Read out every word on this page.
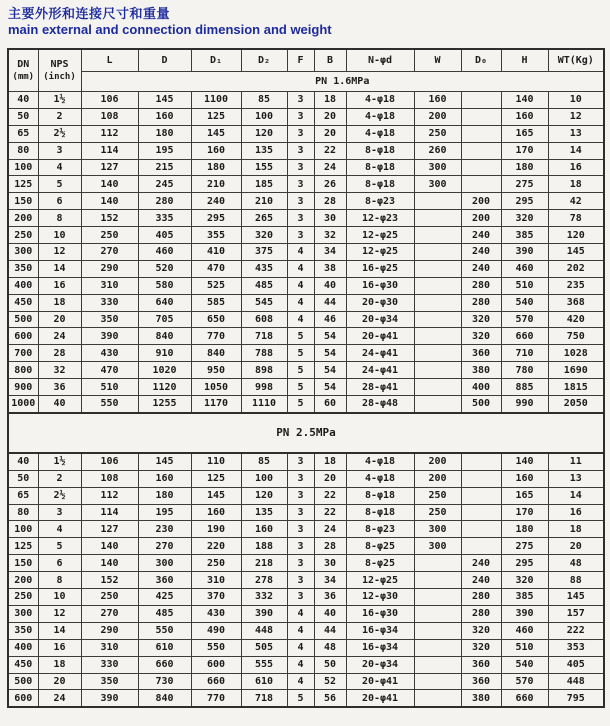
主要外形和连接尺寸和重量
main external and connection dimension and weight
DN
(mm)	NPS
(inch)	L	D	D₁	D₂	F	B	N-φd	W	D₀	H	WT(Kg)
		PN 1.6MPa										
40	1½	106	145	1100	85	3	18	4-φ18	160		140	10
50	2	108	160	125	100	3	20	4-φ18	200		160	12
65	2½	112	180	145	120	3	20	4-φ18	250		165	13
80	3	114	195	160	135	3	22	8-φ18	260		170	14
100	4	127	215	180	155	3	24	8-φ18	300		180	16
125	5	140	245	210	185	3	26	8-φ18	300		275	18
150	6	140	280	240	210	3	28	8-φ23		200	295	42
200	8	152	335	295	265	3	30	12-φ23		200	320	78
250	10	250	405	355	320	3	32	12-φ25		240	385	120
300	12	270	460	410	375	4	34	12-φ25		240	390	145
350	14	290	520	470	435	4	38	16-φ25		240	460	202
400	16	310	580	525	485	4	40	16-φ30		280	510	235
450	18	330	640	585	545	4	44	20-φ30		280	540	368
500	20	350	705	650	608	4	46	20-φ34		320	570	420
600	24	390	840	770	718	5	54	20-φ41		320	660	750
700	28	430	910	840	788	5	54	24-φ41		360	710	1028
800	32	470	1020	950	898	5	54	24-φ41		380	780	1690
900	36	510	1120	1050	998	5	54	28-φ41		400	885	1815
1000	40	550	1255	1170	1110	5	60	28-φ48		500	990	2050
PN 2.5MPa												
40	1½	106	145	110	85	3	18	4-φ18	200		140	11
50	2	108	160	125	100	3	20	4-φ18	200		160	13
65	2½	112	180	145	120	3	22	8-φ18	250		165	14
80	3	114	195	160	135	3	22	8-φ18	250		170	16
100	4	127	230	190	160	3	24	8-φ23	300		180	18
125	5	140	270	220	188	3	28	8-φ25	300		275	20
150	6	140	300	250	218	3	30	8-φ25		240	295	48
200	8	152	360	310	278	3	34	12-φ25		240	320	88
250	10	250	425	370	332	3	36	12-φ30		280	385	145
300	12	270	485	430	390	4	40	16-φ30		280	390	157
350	14	290	550	490	448	4	44	16-φ34		320	460	222
400	16	310	610	550	505	4	48	16-φ34		320	510	353
450	18	330	660	600	555	4	50	20-φ34		360	540	405
500	20	350	730	660	610	4	52	20-φ41		360	570	448
600	24	390	840	770	718	5	56	20-φ41		380	660	795
